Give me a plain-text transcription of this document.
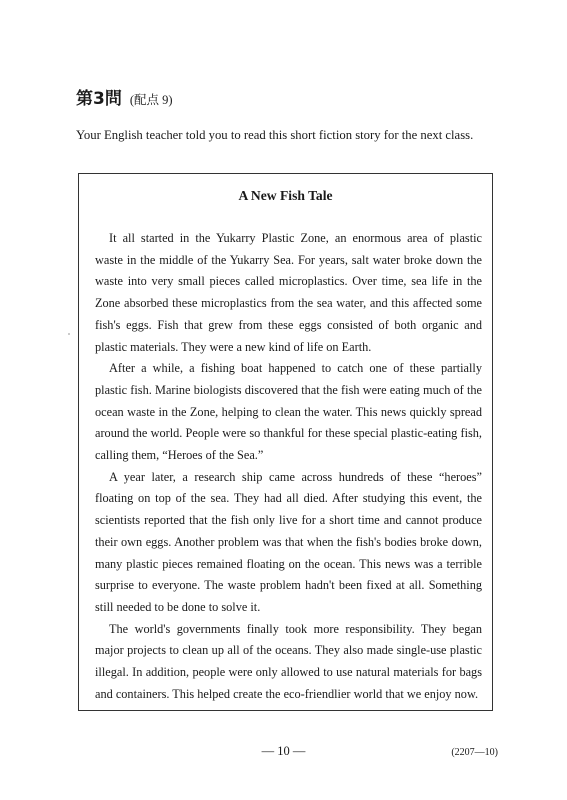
第3問 (配点 9)
Your English teacher told you to read this short fiction story for the next class.
A New Fish Tale
It all started in the Yukarry Plastic Zone, an enormous area of plastic
waste in the middle of the Yukarry Sea. For years, salt water broke down the
waste into very small pieces called microplastics. Over time, sea life in the
Zone absorbed these microplastics from the sea water, and this affected some
fish's eggs. Fish that grew from these eggs consisted of both organic and
plastic materials. They were a new kind of life on Earth.
After a while, a fishing boat happened to catch one of these partially
plastic fish. Marine biologists discovered that the fish were eating much of the
ocean waste in the Zone, helping to clean the water. This news quickly spread
around the world. People were so thankful for these special plastic-eating fish,
calling them, “Heroes of the Sea.”
A year later, a research ship came across hundreds of these “heroes”
floating on top of the sea. They had all died. After studying this event, the
scientists reported that the fish only live for a short time and cannot produce
their own eggs. Another problem was that when the fish's bodies broke down,
many plastic pieces remained floating on the ocean. This news was a terrible
surprise to everyone. The waste problem hadn't been fixed at all. Something
still needed to be done to solve it.
The world's governments finally took more responsibility. They began
major projects to clean up all of the oceans. They also made single-use plastic
illegal. In addition, people were only allowed to use natural materials for bags
and containers. This helped create the eco-friendlier world that we enjoy now.
— 10 —	(2207—10)
